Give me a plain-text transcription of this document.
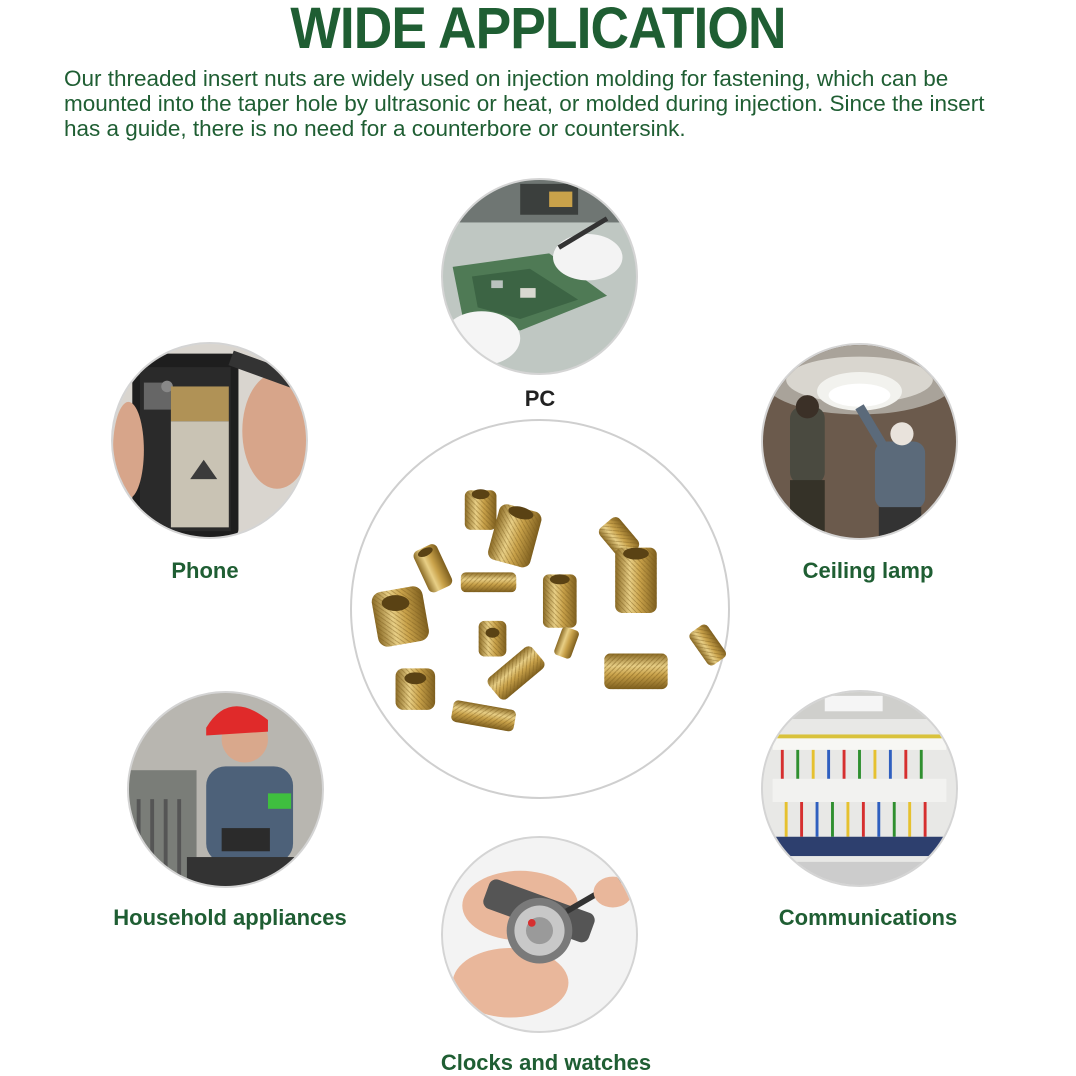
WIDE APPLICATION
Our threaded insert nuts are widely used on injection molding for fastening, which can be mounted into the taper hole by ultrasonic or heat, or molded during injection. Since the insert has a guide, there is no need for a counterbore or countersink.
PC
Phone	Ceiling lamp
Household appliances	Communications
Clocks and watches
